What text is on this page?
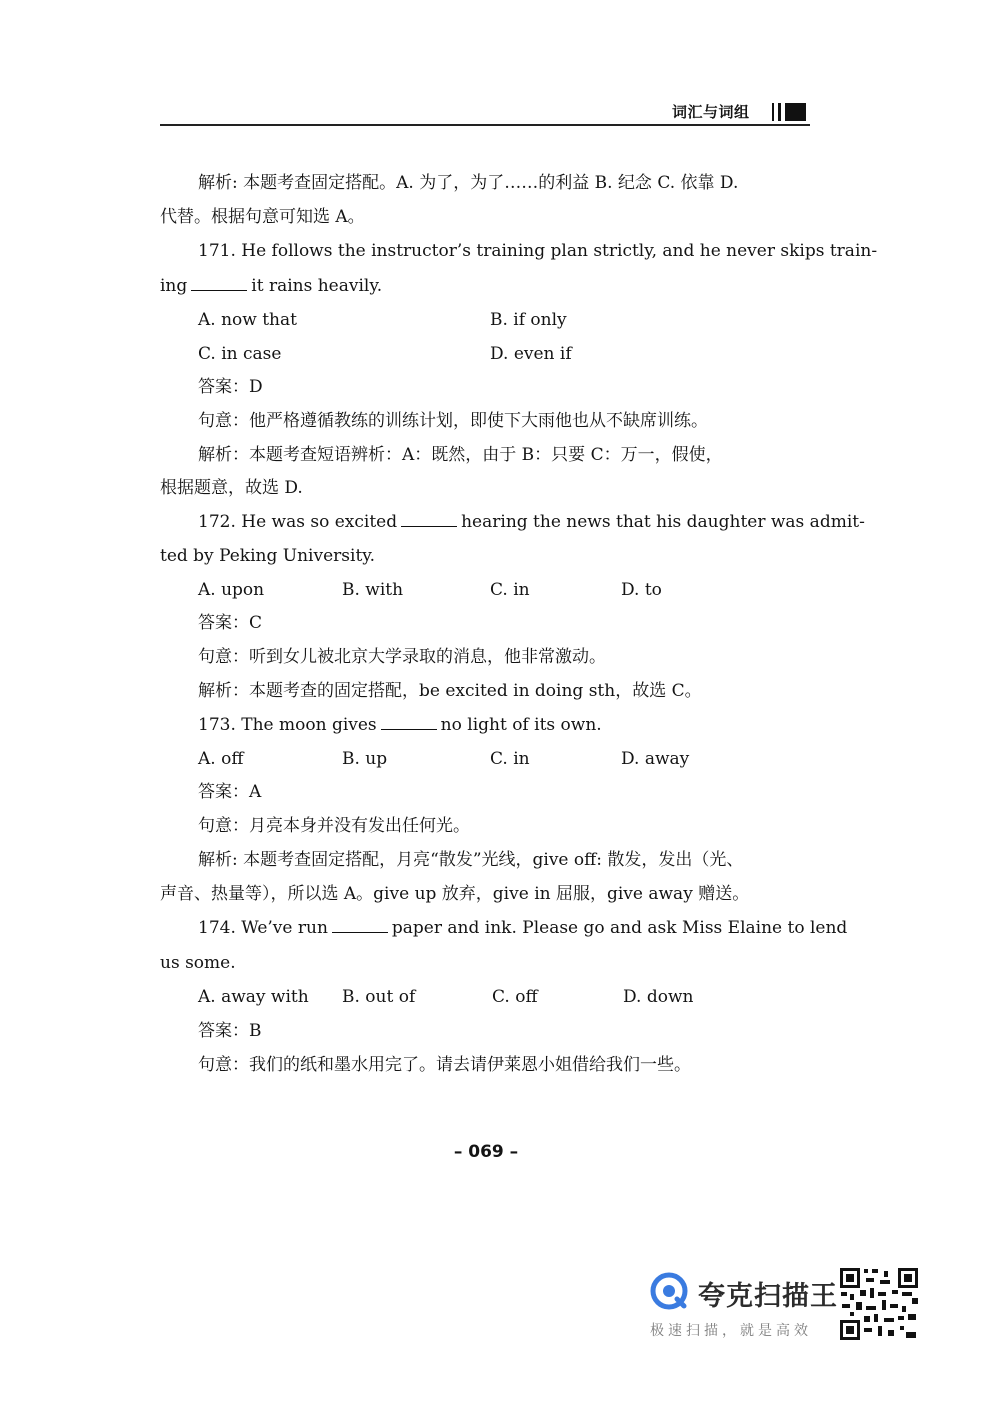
词汇与词组
解析: 本题考查固定搭配。A. 为了，为了……的利益 B. 纪念 C. 依靠 D.
代替。根据句意可知选 A。
171. He follows the instructor’s training plan strictly, and he never skips train-
ing	it rains heavily.
A. now that	B. if only
C. in case	D. even if
答案：D
句意：他严格遵循教练的训练计划，即使下大雨他也从不缺席训练。
解析：本题考查短语辨析：A：既然，由于 B：只要 C：万一，假使，
根据题意，故选 D.
172. He was so excited	hearing the news that his daughter was admit-
ted by Peking University.
A. upon	B. with	C. in	D. to
答案：C
句意：听到女儿被北京大学录取的消息，他非常激动。
解析：本题考查的固定搭配，be excited in doing sth，故选 C。
173. The moon gives	no light of its own.
A. off	B. up	C. in	D. away
答案：A
句意：月亮本身并没有发出任何光。
解析: 本题考查固定搭配，月亮“散发”光线，give off: 散发，发出（光、
声音、热量等），所以选 A。give up 放弃，give in 屈服，give away 赠送。
174. We’ve run	paper and ink. Please go and ask Miss Elaine to lend
us some.
A. away with B. out of	C. off	D. down
答案：B
句意：我们的纸和墨水用完了。请去请伊莱恩小姐借给我们一些。
– 069 –
夸克扫描王
极速扫描，就是高效
